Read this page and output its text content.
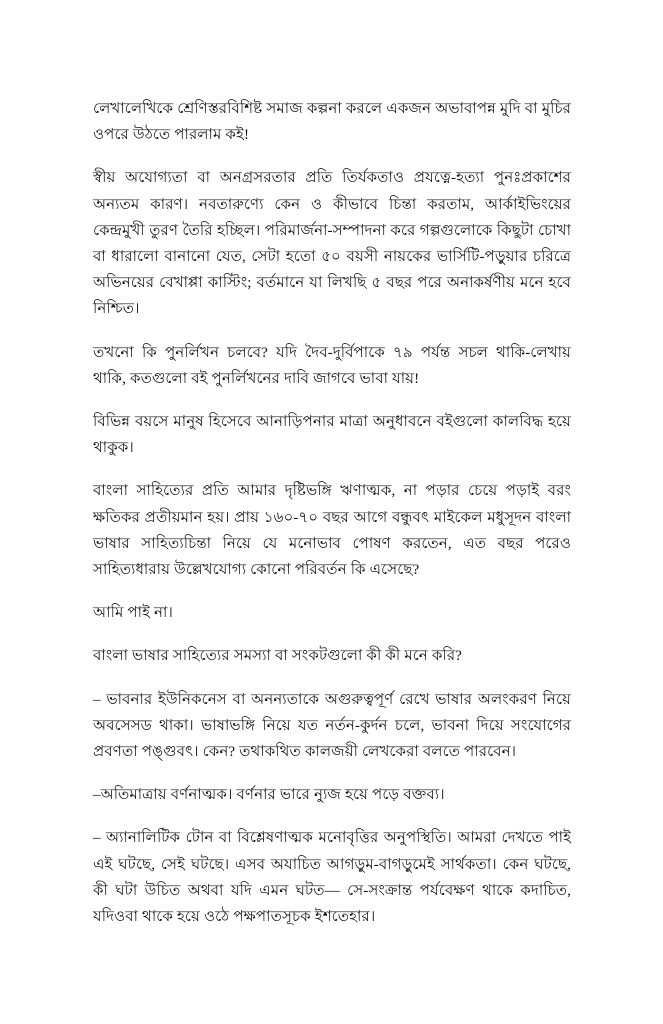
লেখালেখিকে শ্রেণিস্তরবিশিষ্ট সমাজ কল্পনা করলে একজন অভাবাপন্ন মুদি বা মুচির ওপরে উঠতে পারলাম কই!

স্বীয় অযোগ্যতা বা অনগ্রসরতার প্রতি তির্যকতাও প্রযত্নে-হত্যা পুনঃপ্রকাশের অন্যতম কারণ। নবতারুণ্যে কেন ও কীভাবে চিন্তা করতাম, আর্কাইভিংয়ের কেন্দ্রমুখী তুরণ তৈরি হচ্ছিল। পরিমার্জনা-সম্পাদনা করে গল্পগুলোকে কিছুটা চোখা বা ধারালো বানানো যেত, সেটা হতো ৫০ বয়সী নায়কের ভার্সিটি-পড়ুয়ার চরিত্রে অভিনয়ের বেখাপ্পা কাস্টিং; বর্তমানে যা লিখছি ৫ বছর পরে অনাকর্ষণীয় মনে হবে নিশ্চিত।

তখনো কি পুনর্লিখন চলবে? যদি দৈব-দুর্বিপাকে ৭৯ পর্যন্ত সচল থাকি-লেখায় থাকি, কতগুলো বই পুনর্লিখনের দাবি জাগবে ভাবা যায়!

বিভিন্ন বয়সে মানুষ হিসেবে আনাড়িপনার মাত্রা অনুধাবনে বইগুলো কালবিদ্ধ হয়ে থাকুক।

বাংলা সাহিত্যের প্রতি আমার দৃষ্টিভঙ্গি ঋণাত্মক, না পড়ার চেয়ে পড়াই বরং ক্ষতিকর প্রতীয়মান হয়। প্রায় ১৬০-৭০ বছর আগে বন্ধুবৎ মাইকেল মধুসূদন বাংলা ভাষার সাহিত্যচিন্তা নিয়ে যে মনোভাব পোষণ করতেন, এত বছর পরেও সাহিত্যধারায় উল্লেখযোগ্য কোনো পরিবর্তন কি এসেছে?

আমি পাই না।

বাংলা ভাষার সাহিত্যের সমস্যা বা সংকটগুলো কী কী মনে করি?

– ভাবনার ইউনিকনেস বা অনন্যতাকে অগুরুত্বপূর্ণ রেখে ভাষার অলংকরণ নিয়ে অবসেসড থাকা। ভাষাভঙ্গি নিয়ে যত নর্তন-কুর্দন চলে, ভাবনা দিয়ে সংযোগের প্রবণতা পঙ্গুবৎ। কেন? তথাকথিত কালজয়ী লেখকেরা বলতে পারবেন।

–অতিমাত্রায় বর্ণনাত্মক। বর্ণনার ভারে ন্যুজ হয়ে পড়ে বক্তব্য।

– অ্যানালিটিক টোন বা বিশ্লেষণাত্মক মনোবৃত্তির অনুপস্থিতি। আমরা দেখতে পাই এই ঘটছে, সেই ঘটছে। এসব অযাচিত আগড়ুম-বাগড়ুমেই সার্থকতা। কেন ঘটছে, কী ঘটা উচিত অথবা যদি এমন ঘটত— সে-সংক্রান্ত পর্যবেক্ষণ থাকে কদাচিত, যদিওবা থাকে হয়ে ওঠে পক্ষপাতসূচক ইশতেহার।
